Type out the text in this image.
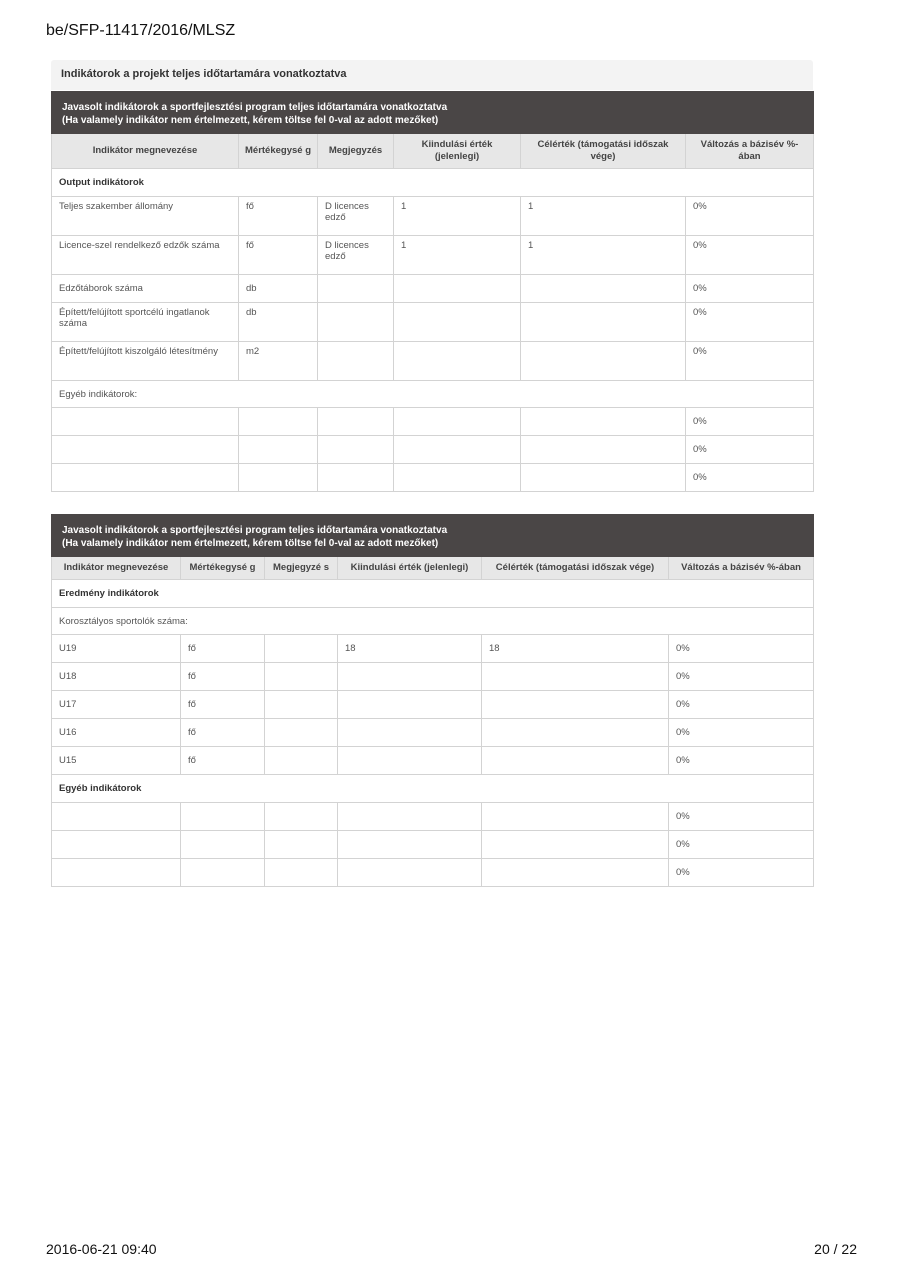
be/SFP-11417/2016/MLSZ
Indikátorok a projekt teljes időtartamára vonatkoztatva
Javasolt indikátorok a sportfejlesztési program teljes időtartamára vonatkoztatva
(Ha valamely indikátor nem értelmezett, kérem töltse fel 0-val az adott mezőket)					

Indikátor megnevezése	Mértékegysé g	Megjegyzés	Kiindulási érték (jelenlegi)	Célérték (támogatási időszak vége)	Változás a bázisév %-ában
Output indikátorok					
Teljes szakember állomány	fő	D licences edző	1	1	0%
Licence-szel rendelkező edzők száma	fő	D licences edző	1	1	0%
Edzőtáborok száma	db				0%
Épített/felújított sportcélú ingatlanok száma	db				0%
Épített/felújított kiszolgáló létesítmény	m2				0%
Egyéb indikátorok:					
					0%
					0%
					0%
Javasolt indikátorok a sportfejlesztési program teljes időtartamára vonatkoztatva
(Ha valamely indikátor nem értelmezett, kérem töltse fel 0-val az adott mezőket)					

Indikátor megnevezése	Mértékegysé g	Megjegyzé s	Kiindulási érték (jelenlegi)	Célérték (támogatási időszak vége)	Változás a bázisév %-ában
Eredmény indikátorok					
Korosztályos sportolók száma:					
U19	fő		18	18	0%
U18	fő				0%
U17	fő				0%
U16	fő				0%
U15	fő				0%
Egyéb indikátorok					
					0%
					0%
					0%
2016-06-21 09:40	20 / 22
